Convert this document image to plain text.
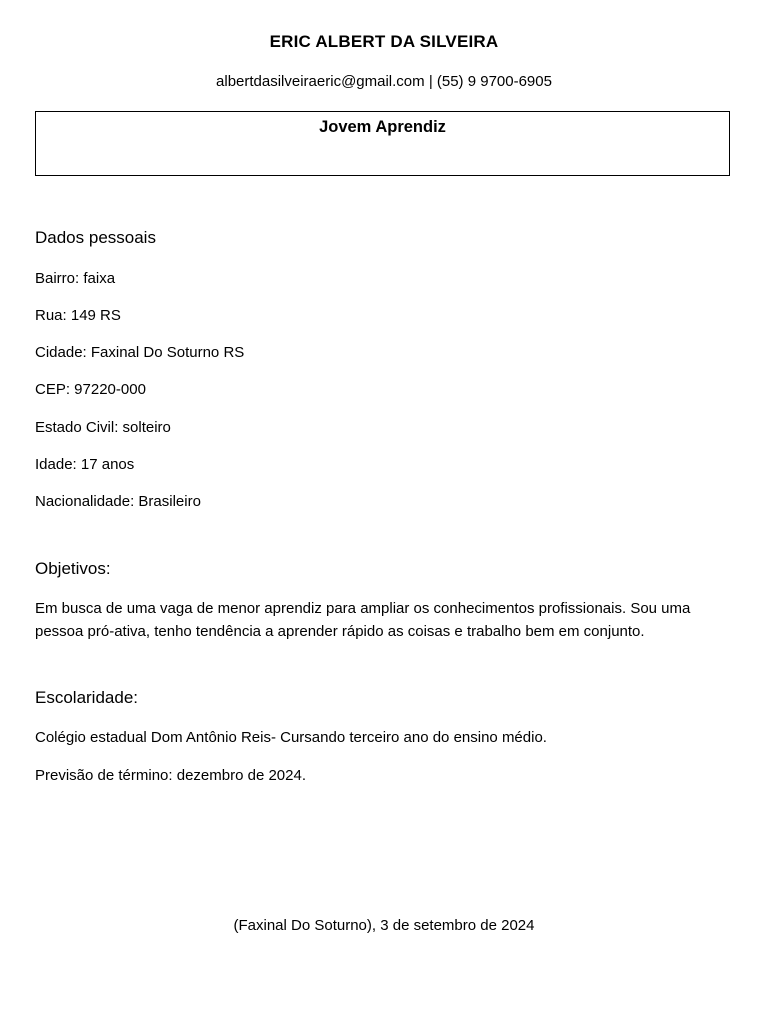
ERIC ALBERT DA SILVEIRA
albertdasilveiraeric@gmail.com | (55) 9 9700-6905
Jovem Aprendiz
Dados pessoais
Bairro: faixa
Rua: 149 RS
Cidade: Faxinal Do Soturno RS
CEP: 97220-000
Estado Civil: solteiro
Idade: 17 anos
Nacionalidade: Brasileiro
Objetivos:
Em busca de uma vaga de menor aprendiz para ampliar os conhecimentos profissionais. Sou uma pessoa pró-ativa, tenho tendência a aprender rápido as coisas e trabalho bem em conjunto.
Escolaridade:
Colégio estadual Dom Antônio Reis- Cursando terceiro ano do ensino médio.
Previsão de término: dezembro de 2024.
(Faxinal Do Soturno), 3 de setembro de 2024
